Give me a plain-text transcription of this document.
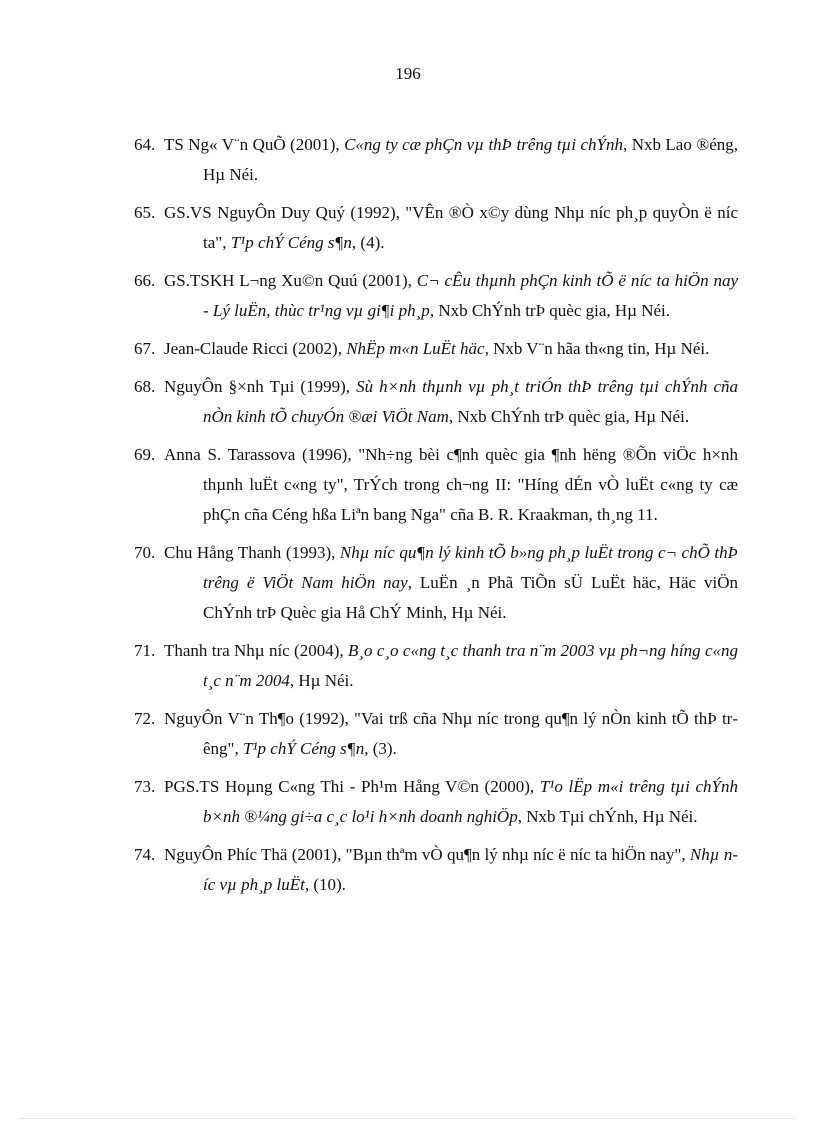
196
64. TS Ng« V¨n QuÕ (2001), C«ng ty cæ phÇn vµ thÞ trêng tµi chÝnh, Nxb Lao ®éng, Hµ Néi.
65. GS.VS NguyÔn Duy Quý (1992), "VÊn ®Ò x©y dùng Nhµ níc ph¸p quyÒn ë níc ta", T¹p chÝ Céng s¶n, (4).
66. GS.TSKH L¬ng Xu©n Quú (2001), C¬ cÊu thµnh phÇn kinh tÕ ë níc ta hiÖn nay - Lý luËn, thùc tr¹ng vµ gi¶i ph¸p, Nxb ChÝnh trÞ quèc gia, Hµ Néi.
67. Jean-Claude Ricci (2002), NhËp m«n LuËt häc, Nxb V¨n hãa th«ng tin, Hµ Néi.
68. NguyÔn §×nh Tµi (1999), Sù h×nh thµnh vµ ph¸t triÓn thÞ trêng tµi chÝnh cña nÒn kinh tÕ chuyÓn ®æi ViÖt Nam, Nxb ChÝnh trÞ quèc gia, Hµ Néi.
69. Anna S. Tarassova (1996), "Nh÷ng bèi c¶nh quèc gia ¶nh hëng ®Õn viÖc h×nh thµnh luËt c«ng ty", TrÝch trong ch¬ng II: "Híng dÉn vÒ luËt c«ng ty cæ phÇn cña Céng hßa Liªn bang Nga" cña B. R. Kraakman, th¸ng 11.
70. Chu Hång Thanh (1993), Nhµ níc qu¶n lý kinh tÕ b»ng ph¸p luËt trong c¬ chÕ thÞ trêng ë ViÖt Nam hiÖn nay, LuËn ¸n Phã TiÕn sÜ LuËt häc, Häc viÖn ChÝnh trÞ Quèc gia Hå ChÝ Minh, Hµ Néi.
71. Thanh tra Nhµ níc (2004), B¸o c¸o c«ng t¸c thanh tra n¨m 2003 vµ ph¬ng híng c«ng t¸c n¨m 2004, Hµ Néi.
72. NguyÔn V¨n Th¶o (1992), "Vai trß cña Nhµ níc trong qu¶n lý nÒn kinh tÕ thÞ trêng", T¹p chÝ Céng s¶n, (3).
73. PGS.TS Hoµng C«ng Thi - Ph¹m Hång V©n (2000), T¹o lËp m«i trêng tµi chÝnh b×nh ®¼ng gi÷a c¸c lo¹i h×nh doanh nghiÖp, Nxb Tµi chÝnh, Hµ Néi.
74. NguyÔn Phíc Thä (2001), "Bµn thªm vÒ qu¶n lý nhµ níc ë níc ta hiÖn nay", Nhµ níc vµ ph¸p luËt, (10).
